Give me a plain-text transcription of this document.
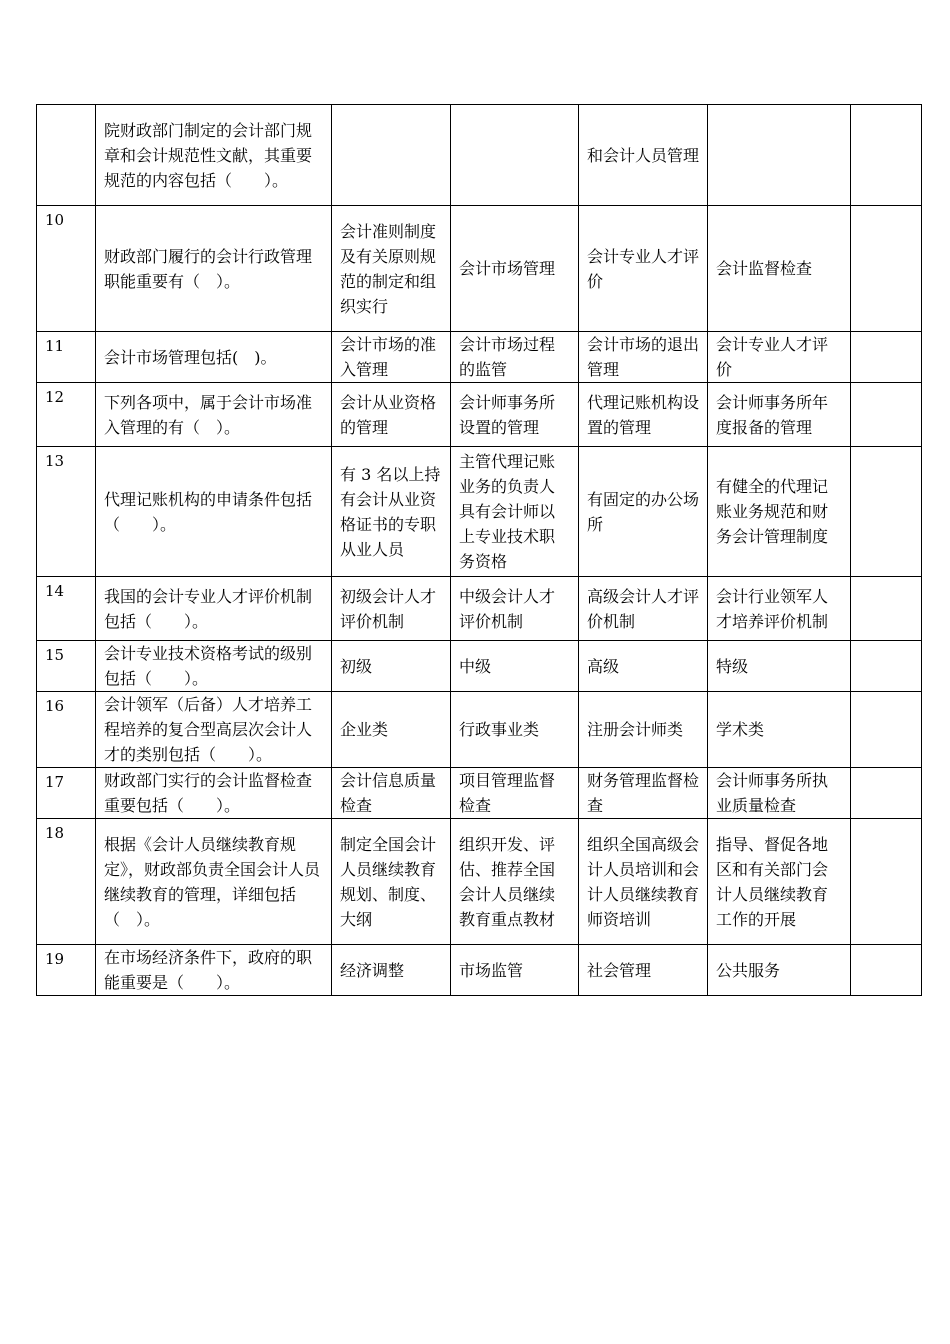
	院财政部门制定的会计部门规章和会计规范性文献，其重要规范的内容包括（　　）。			和会计人员管理		
10	财政部门履行的会计行政管理职能重要有（　）。	会计准则制度及有关原则规范的制定和组织实行	会计市场管理	会计专业人才评价	会计监督检查	
11	会计市场管理包括(　)。	会计市场的准入管理	会计市场过程的监管	会计市场的退出管理	会计专业人才评价	
12	下列各项中，属于会计市场准入管理的有（　）。	会计从业资格的管理	会计师事务所设置的管理	代理记账机构设置的管理	会计师事务所年度报备的管理	
13	代理记账机构的申请条件包括（　　）。	有 3 名以上持有会计从业资格证书的专职从业人员	主管代理记账业务的负责人具有会计师以上专业技术职务资格	有固定的办公场所	有健全的代理记账业务规范和财务会计管理制度	
14	我国的会计专业人才评价机制包括（　　）。	初级会计人才评价机制	中级会计人才评价机制	高级会计人才评价机制	会计行业领军人才培养评价机制	
15	会计专业技术资格考试的级别包括（　　）。	初级	中级	高级	特级	
16	会计领军（后备）人才培养工程培养的复合型高层次会计人才的类别包括（　　）。	企业类	行政事业类	注册会计师类	学术类	
17	财政部门实行的会计监督检查重要包括（　　）。	会计信息质量检查	项目管理监督检查	财务管理监督检查	会计师事务所执业质量检查	
18	根据《会计人员继续教育规定》，财政部负责全国会计人员继续教育的管理，详细包括（　）。	制定全国会计人员继续教育规划、制度、大纲	组织开发、评估、推荐全国会计人员继续教育重点教材	组织全国高级会计人员培训和会计人员继续教育师资培训	指导、督促各地区和有关部门会计人员继续教育工作的开展	
19	在市场经济条件下，政府的职能重要是（　　）。	经济调整	市场监管	社会管理	公共服务	
